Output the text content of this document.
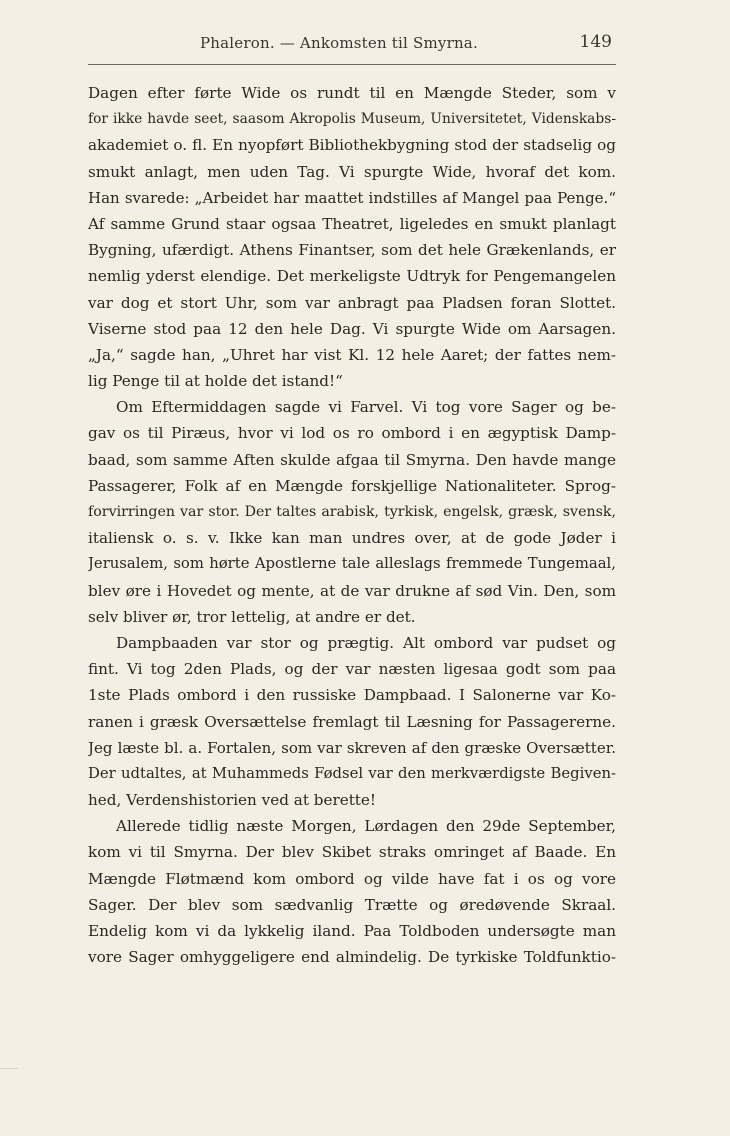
Phaleron. — Ankomsten til Smyrna.	149
Dagen efter førte Wide os rundt til en Mængde Steder, som v
for ikke havde seet, saasom Akropolis Museum, Universitetet, Videnskabs-
akademiet o. fl. En nyopført Bibliothekbygning stod der stadselig og
smukt anlagt, men uden Tag. Vi spurgte Wide, hvoraf det kom.
Han svarede: „Arbeidet har maattet indstilles af Mangel paa Penge.“
Af samme Grund staar ogsaa Theatret, ligeledes en smukt planlagt
Bygning, ufærdigt. Athens Finantser, som det hele Grækenlands, er
nemlig yderst elendige. Det merkeligste Udtryk for Pengemangelen
var dog et stort Uhr, som var anbragt paa Pladsen foran Slottet.
Viserne stod paa 12 den hele Dag. Vi spurgte Wide om Aarsagen.
„Ja,“ sagde han, „Uhret har vist Kl. 12 hele Aaret; der fattes nem-
lig Penge til at holde det istand!“
Om Eftermiddagen sagde vi Farvel. Vi tog vore Sager og be-
gav os til Piræus, hvor vi lod os ro ombord i en ægyptisk Damp-
baad, som samme Aften skulde afgaa til Smyrna. Den havde mange
Passagerer, Folk af en Mængde forskjellige Nationaliteter. Sprog-
forvirringen var stor. Der taltes arabisk, tyrkisk, engelsk, græsk, svensk,
italiensk o. s. v. Ikke kan man undres over, at de gode Jøder i
Jerusalem, som hørte Apostlerne tale alleslags fremmede Tungemaal,
blev øre i Hovedet og mente, at de var drukne af sød Vin. Den, som
selv bliver ør, tror lettelig, at andre er det.
Dampbaaden var stor og prægtig. Alt ombord var pudset og
fint. Vi tog 2den Plads, og der var næsten ligesaa godt som paa
1ste Plads ombord i den russiske Dampbaad. I Salonerne var Ko-
ranen i græsk Oversættelse fremlagt til Læsning for Passagererne.
Jeg læste bl. a. Fortalen, som var skreven af den græske Oversætter.
Der udtaltes, at Muhammeds Fødsel var den merkværdigste Begiven-
hed, Verdenshistorien ved at berette!
Allerede tidlig næste Morgen, Lørdagen den 29de September,
kom vi til Smyrna. Der blev Skibet straks omringet af Baade. En
Mængde Fløtmænd kom ombord og vilde have fat i os og vore
Sager. Der blev som sædvanlig Trætte og øredøvende Skraal.
Endelig kom vi da lykkelig iland. Paa Toldboden undersøgte man
vore Sager omhyggeligere end almindelig. De tyrkiske Toldfunktio-
